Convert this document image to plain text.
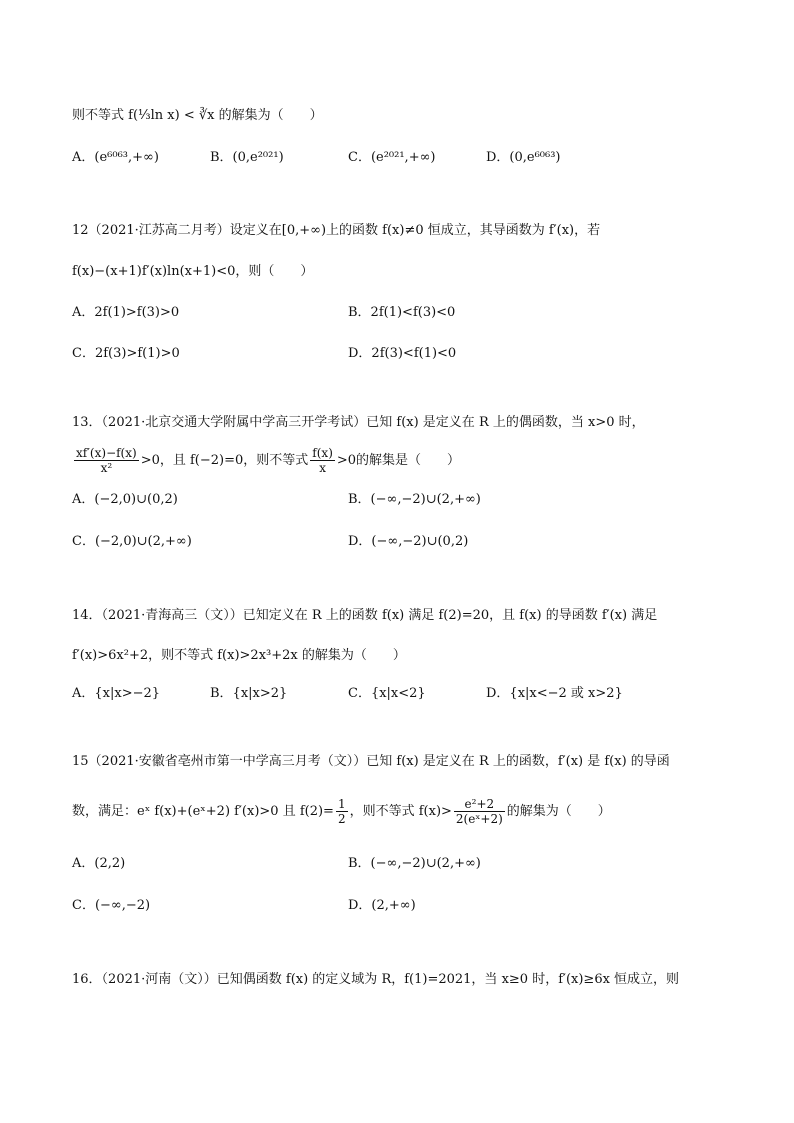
则不等式 f(⅓ln x) < ∛x 的解集为（　　）
A．(e⁶⁰⁶³,+∞)	B．(0,e²⁰²¹)	C．(e²⁰²¹,+∞)	D．(0,e⁶⁰⁶³)
12（2021·江苏高二月考）设定义在[0,+∞)上的函数 f(x)≠0 恒成立，其导函数为 f′(x)，若
f(x)−(x+1)f′(x)ln(x+1)<0，则（　　）
A．2f(1)>f(3)>0	B．2f(1)<f(3)<0
C．2f(3)>f(1)>0	D．2f(3)<f(1)<0
13．（2021·北京交通大学附属中学高三开学考试）已知 f(x) 是定义在 R 上的偶函数，当 x>0 时，
$\frac{xf'(x)-f(x)}{\text{x²}} >0$，且 f(−2)=0，则不等式 $\frac{f(x)}{x} >0$的解集是（　　）
A．(−2,0)∪(0,2)	B．(−∞,−2)∪(2,+∞)
C．(−2,0)∪(2,+∞)	D．(−∞,−2)∪(0,2)
14．（2021·青海高三（文））已知定义在 R 上的函数 f(x) 满足 f(2)=20，且 f(x) 的导函数 f′(x) 满足
f′(x)>6x²+2，则不等式 f(x)>2x³+2x 的解集为（　　）
A．{x|x>−2}	B．{x|x>2}	C．{x|x<2}	D．{x|x<−2 或 x>2}
15（2021·安徽省亳州市第一中学高三月考（文））已知 f(x) 是定义在 R 上的函数，f′(x) 是 f(x) 的导函
数，满足：eˣ f(x)+(eˣ+2) f′(x)>0 且 $f(2)= \frac{1}{2}$ ，则不等式 $f(x)> \frac{\text{e²+2}}{\text{2(eˣ+2)}}$ 的解集为（　　）
A．(2,2)	B．(−∞,−2)∪(2,+∞)
C．(−∞,−2)	D．(2,+∞)
16．（2021·河南（文））已知偶函数 f(x) 的定义域为 R，f(1)=2021，当 x≥0 时，f′(x)≥6x 恒成立，则
